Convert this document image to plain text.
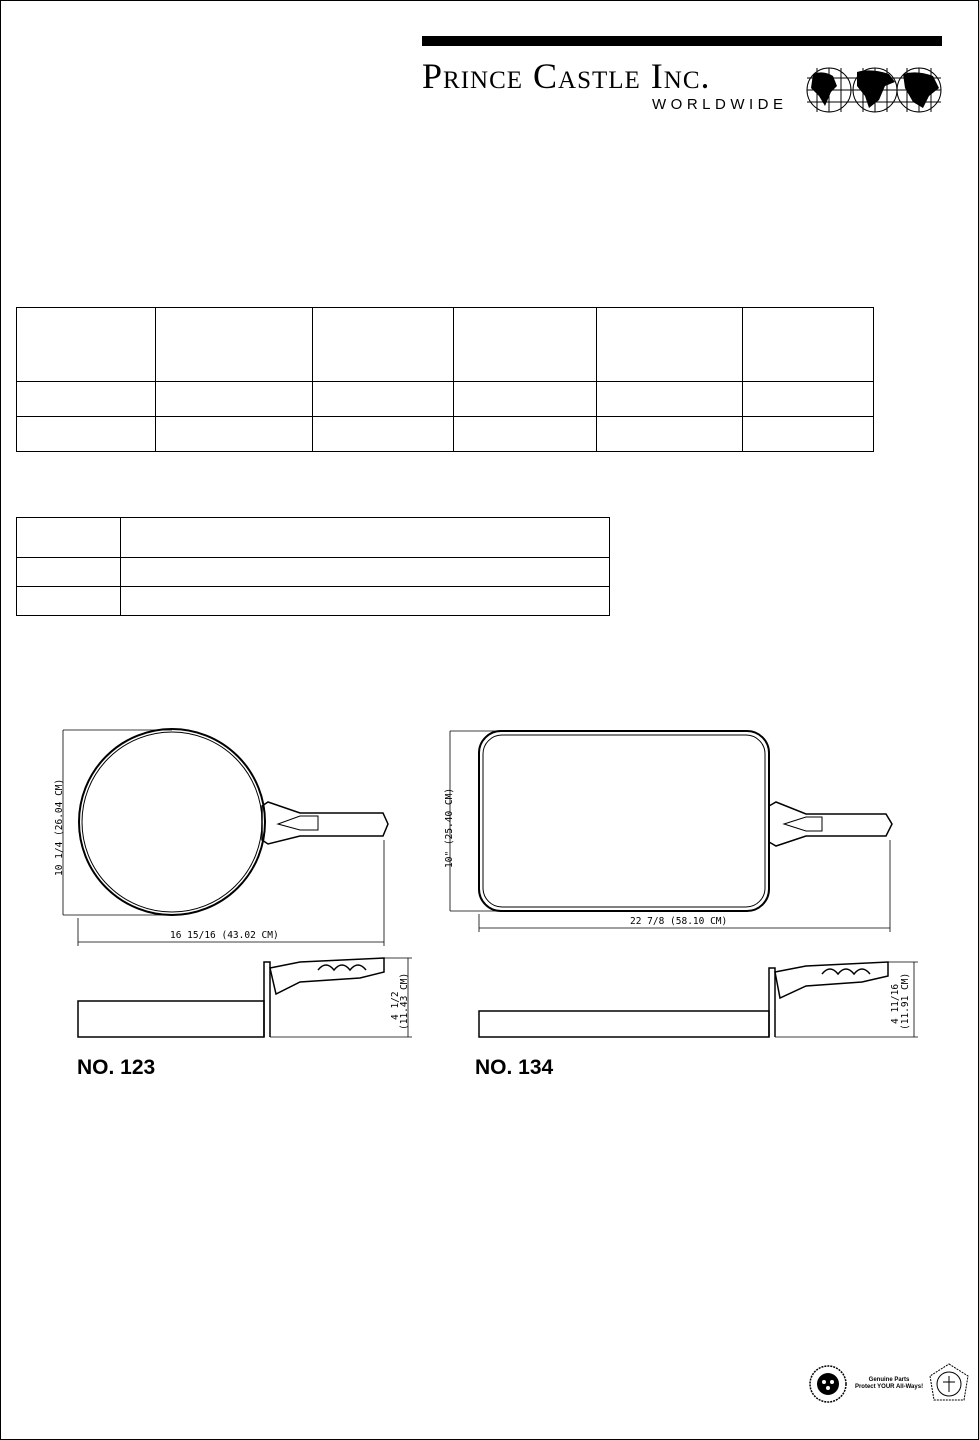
Prince Castle Inc.
WORLDWIDE

10 1/4 (26.04 CM)
16 15/16 (43.02 CM)
4 1/2
(11.43 CM)
10" (25.40 CM)
22 7/8 (58.10 CM)
4 11/16 (11.91 CM)
NO. 123	NO. 134
Genuine Parts
Protect YOUR All-Ways!
